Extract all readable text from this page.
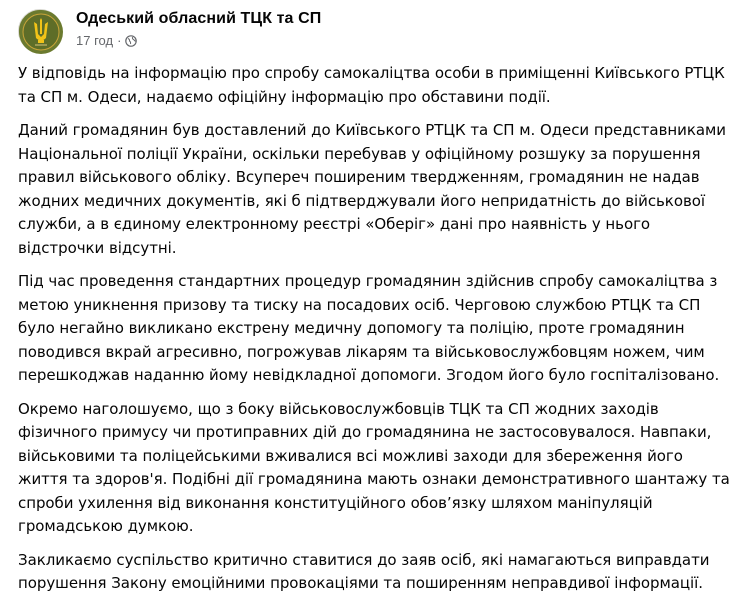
Одеський обласний ТЦК та СП
17 год ·

У відповідь на інформацію про спробу самокаліцтва особи в приміщенні Київського РТЦК та СП м. Одеси, надаємо офіційну інформацію про обставини події.

Даний громадянин був доставлений до Київського РТЦК та СП м. Одеси представниками Національної поліції України, оскільки перебував у офіційному розшуку за порушення правил військового обліку. Всупереч поширеним твердженням, громадянин не надав жодних медичних документів, які б підтверджували його непридатність до військової служби, а в єдиному електронному реєстрі «Оберіг» дані про наявність у нього відстрочки відсутні.

Під час проведення стандартних процедур громадянин здійснив спробу самокаліцтва з метою уникнення призову та тиску на посадових осіб. Черговою службою РТЦК та СП було негайно викликано екстрену медичну допомогу та поліцію, проте громадянин поводився вкрай агресивно, погрожував лікарям та військовослужбовцям ножем, чим перешкоджав наданню йому невідкладної допомоги. Згодом його було госпіталізовано.

Окремо наголошуємо, що з боку військовослужбовців ТЦК та СП жодних заходів фізичного примусу чи протиправних дій до громадянина не застосовувалося. Навпаки, військовими та поліцейськими вживалися всі можливі заходи для збереження його життя та здоров'я. Подібні дії громадянина мають ознаки демонстративного шантажу та спроби ухилення від виконання конституційного обов’язку шляхом маніпуляцій громадською думкою.

Закликаємо суспільство критично ставитися до заяв осіб, які намагаються виправдати порушення Закону емоційними провокаціями та поширенням неправдивої інформації.
